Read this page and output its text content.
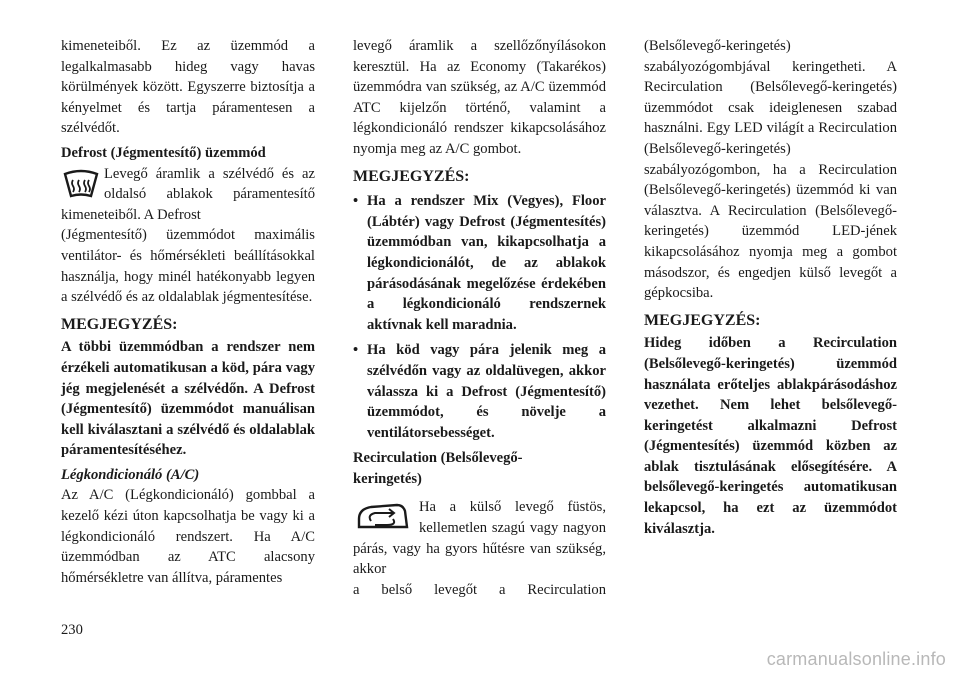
kimeneteiből. Ez az üzemmód a legalkalmasabb hideg vagy havas körülmények között. Egyszerre biztosítja a kényelmet és tartja páramentesen a szélvédőt.

Defrost (Jégmentesítő) üzemmód

Levegő áramlik a szélvédő és az oldalsó ablakok páramentesítő kimeneteiből. A Defrost

(Jégmentesítő) üzemmódot maximális ventilátor- és hőmérsékleti beállításokkal használja, hogy minél hatékonyabb legyen a szélvédő és az oldalablak jégmentesítése.

MEGJEGYZÉS:

A többi üzemmódban a rendszer nem érzékeli automatikusan a köd, pára vagy jég megjelenését a szélvédőn. A Defrost (Jégmentesítő) üzemmódot manuálisan kell kiválasztani a szélvédő és oldalablak páramentesítéséhez.

Légkondicionáló (A/C)

Az A/C (Légkondicionáló) gombbal a kezelő kézi úton kapcsolhatja be vagy ki a légkondicionáló rendszert. Ha A/C üzemmódban az ATC alacsony hőmérsékletre van állítva, páramentes

levegő áramlik a szellőzőnyílásokon keresztül. Ha az Economy (Takarékos) üzemmódra van szükség, az A/C üzemmód ATC kijelzőn történő, valamint a légkondicionáló rendszer kikapcsolásához nyomja meg az A/C gombot.

MEGJEGYZÉS:

• Ha a rendszer Mix (Vegyes), Floor (Lábtér) vagy Defrost (Jégmentesítés) üzemmódban van, kikapcsolhatja a légkondicionálót, de az ablakok párásodásának megelőzése érdekében a légkondicionáló rendszernek aktívnak kell maradnia.
• Ha köd vagy pára jelenik meg a szélvédőn vagy az oldalüvegen, akkor válassza ki a Defrost (Jégmentesítő) üzemmódot, és növelje a ventilátorsebességet.

Recirculation (Belsőlevegő-keringetés)

Ha a külső levegő füstös, kellemetlen szagú vagy nagyon párás, vagy ha gyors hűtésre van szükség, akkor

a belső levegőt a Recirculation

(Belsőlevegő-keringetés) szabályozógombjával keringetheti. A Recirculation (Belsőlevegő-keringetés) üzemmódot csak ideiglenesen szabad használni. Egy LED világít a Recirculation (Belsőlevegő-keringetés) szabályozógombon, ha a Recirculation (Belsőlevegő-keringetés) üzemmód ki van választva. A Recirculation (Belsőlevegő-keringetés) üzemmód LED-jének kikapcsolásához nyomja meg a gombot másodszor, és engedjen külső levegőt a gépkocsiba.

MEGJEGYZÉS:

Hideg időben a Recirculation (Belsőlevegő-keringetés) üzemmód használata erőteljes ablakpárásodáshoz vezethet. Nem lehet belsőlevegő-keringetést alkalmazni Defrost (Jégmentesítés) üzemmód közben az ablak tisztulásának elősegítésére. A belsőlevegő-keringetés automatikusan lekapcsol, ha ezt az üzemmódot kiválasztja.

230
carmanualsonline.info
